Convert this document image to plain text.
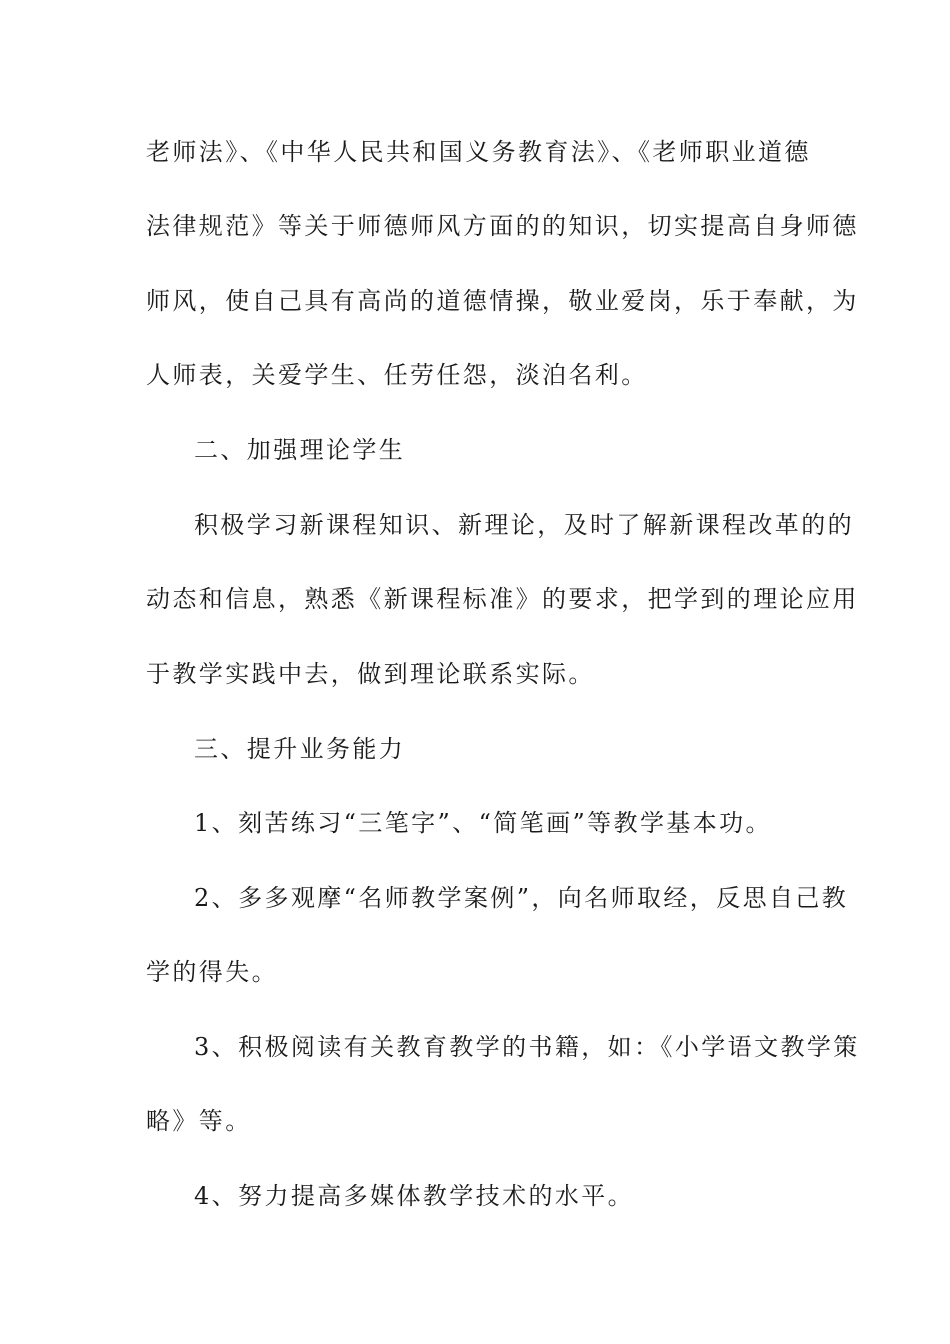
老师法》、《中华人民共和国义务教育法》、《老师职业道德
法律规范》等关于师德师风方面的的知识，切实提高自身师德
师风，使自己具有高尚的道德情操，敬业爱岗，乐于奉献，为
人师表，关爱学生、任劳任怨，淡泊名利。
二、加强理论学生
积极学习新课程知识、新理论，及时了解新课程改革的的
动态和信息，熟悉《新课程标准》的要求，把学到的理论应用
于教学实践中去，做到理论联系实际。
三、提升业务能力
1、刻苦练习“三笔字”、“简笔画”等教学基本功。
2、多多观摩“名师教学案例”，向名师取经，反思自己教
学的得失。
3、积极阅读有关教育教学的书籍，如：《小学语文教学策
略》等。
4、努力提高多媒体教学技术的水平。
